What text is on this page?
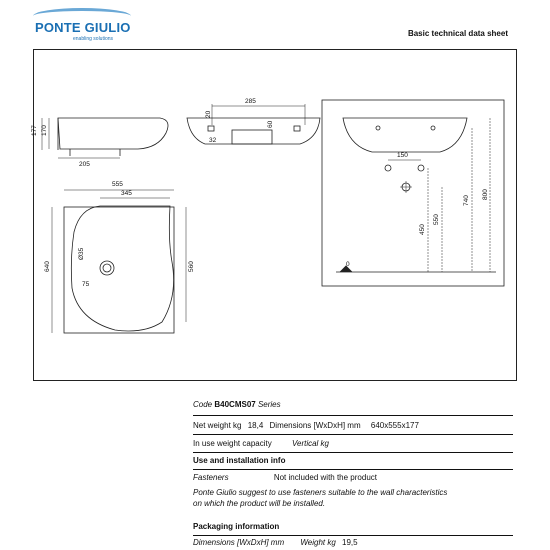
PONTE GIULIO
enabling solutions
Basic technical data sheet
177 170
205
285
20
60
32
555
345
640	560
Ø35
75
150
550
450
740
800
0
Code B40CMS07 Series
Net weight kg 18,4 Dimensions [WxDxH] mm 640x555x177
In use weight capacity	Vertical kg
Use and installation info
Fasteners	Not included with the product
Ponte Giulio suggest to use fasteners suitable to the wall characteristics
on which the product will be installed.
Packaging information
Dimensions [WxDxH] mm Weight kg 19,5
